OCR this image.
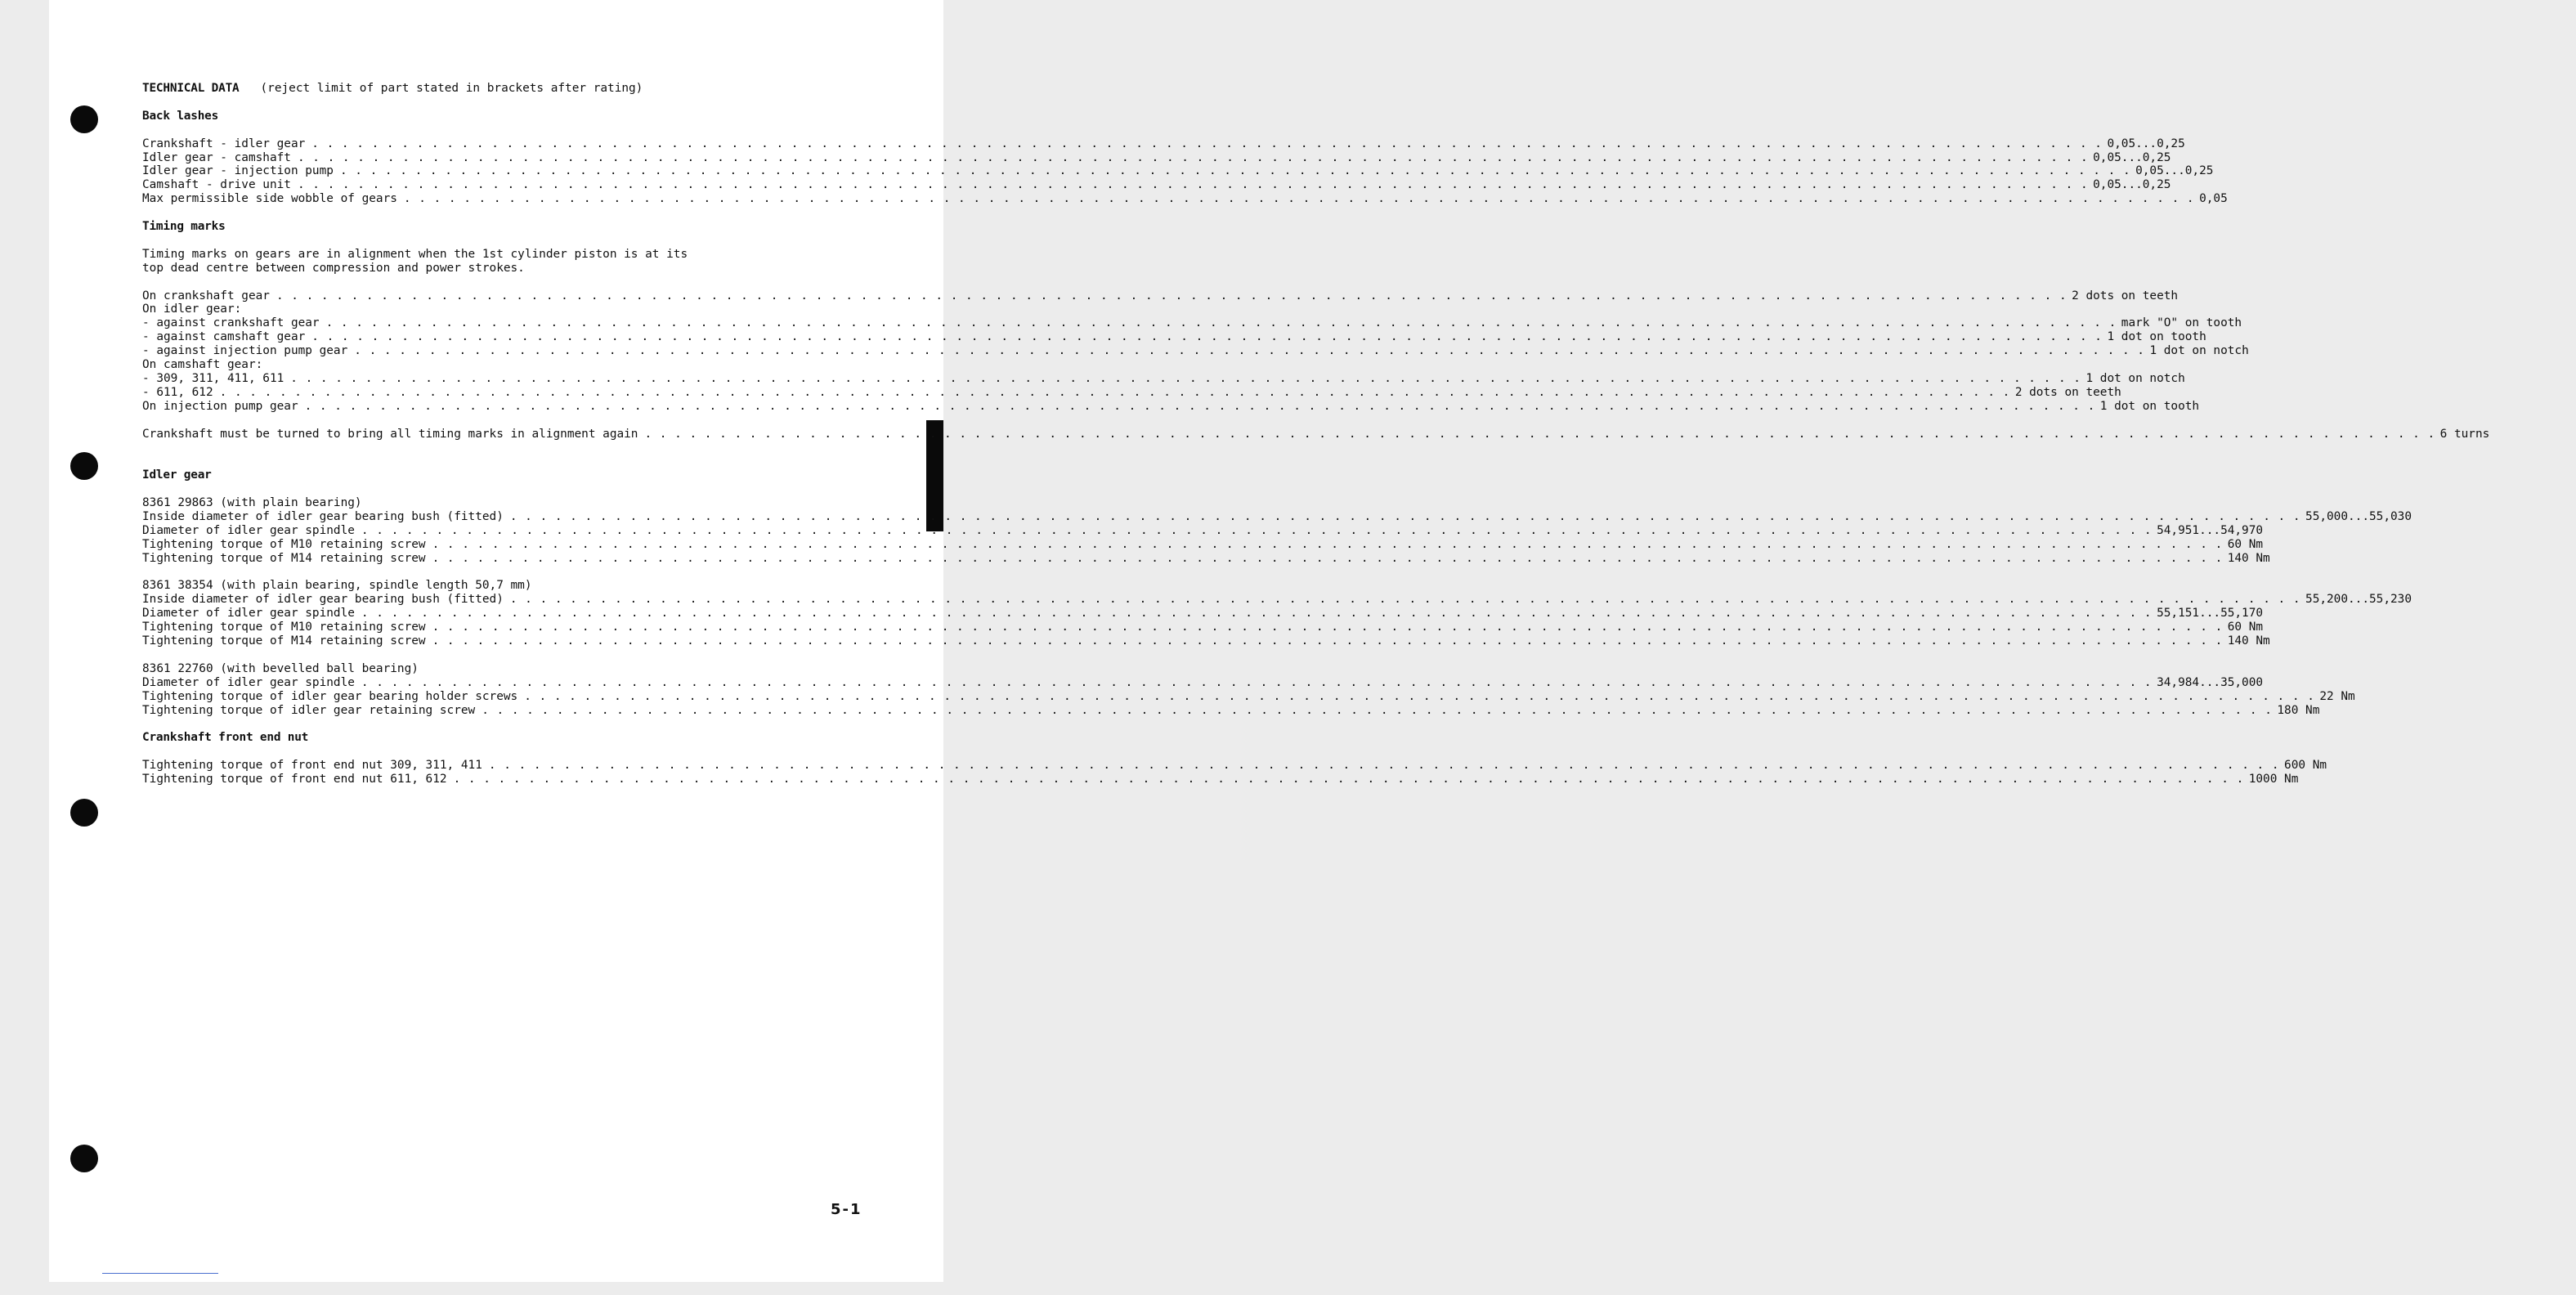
TECHNICAL DATA (reject limit of part stated in brackets after rating)
Back lashes
Crankshaft - idler gear . . . . . . . . . . . . . . . . . . . . . . . . . . . . . . . . . . . . . . . . . . . . . . . . . . . . . . . . . . . . . . . . . . . . . . . . . . . . . . . . . . . . . . . . . . . . . . . . . . . . . . . . . . . . . . . . . . . . . . . . 0,05...0,25
Idler gear - camshaft . . . . . . . . . . . . . . . . . . . . . . . . . . . . . . . . . . . . . . . . . . . . . . . . . . . . . . . . . . . . . . . . . . . . . . . . . . . . . . . . . . . . . . . . . . . . . . . . . . . . . . . . . . . . . . . . . . . . . . . . 0,05...0,25
Idler gear - injection pump . . . . . . . . . . . . . . . . . . . . . . . . . . . . . . . . . . . . . . . . . . . . . . . . . . . . . . . . . . . . . . . . . . . . . . . . . . . . . . . . . . . . . . . . . . . . . . . . . . . . . . . . . . . . . . . . . . . . . . . . 0,05...0,25
Camshaft - drive unit . . . . . . . . . . . . . . . . . . . . . . . . . . . . . . . . . . . . . . . . . . . . . . . . . . . . . . . . . . . . . . . . . . . . . . . . . . . . . . . . . . . . . . . . . . . . . . . . . . . . . . . . . . . . . . . . . . . . . . . . 0,05...0,25
Max permissible side wobble of gears . . . . . . . . . . . . . . . . . . . . . . . . . . . . . . . . . . . . . . . . . . . . . . . . . . . . . . . . . . . . . . . . . . . . . . . . . . . . . . . . . . . . . . . . . . . . . . . . . . . . . . . . . . . . . . . . . . . . . . . . 0,05
Timing marks
Timing marks on gears are in alignment when the 1st cylinder piston is at its
top dead centre between compression and power strokes.
On crankshaft gear . . . . . . . . . . . . . . . . . . . . . . . . . . . . . . . . . . . . . . . . . . . . . . . . . . . . . . . . . . . . . . . . . . . . . . . . . . . . . . . . . . . . . . . . . . . . . . . . . . . . . . . . . . . . . . . . . . . . . . . . 2 dots on teeth
On idler gear:
- against crankshaft gear . . . . . . . . . . . . . . . . . . . . . . . . . . . . . . . . . . . . . . . . . . . . . . . . . . . . . . . . . . . . . . . . . . . . . . . . . . . . . . . . . . . . . . . . . . . . . . . . . . . . . . . . . . . . . . . . . . . . . . . . mark "O" on tooth
- against camshaft gear . . . . . . . . . . . . . . . . . . . . . . . . . . . . . . . . . . . . . . . . . . . . . . . . . . . . . . . . . . . . . . . . . . . . . . . . . . . . . . . . . . . . . . . . . . . . . . . . . . . . . . . . . . . . . . . . . . . . . . . . 1 dot on tooth
- against injection pump gear . . . . . . . . . . . . . . . . . . . . . . . . . . . . . . . . . . . . . . . . . . . . . . . . . . . . . . . . . . . . . . . . . . . . . . . . . . . . . . . . . . . . . . . . . . . . . . . . . . . . . . . . . . . . . . . . . . . . . . . . 1 dot on notch
On camshaft gear:
- 309, 311, 411, 611 . . . . . . . . . . . . . . . . . . . . . . . . . . . . . . . . . . . . . . . . . . . . . . . . . . . . . . . . . . . . . . . . . . . . . . . . . . . . . . . . . . . . . . . . . . . . . . . . . . . . . . . . . . . . . . . . . . . . . . . . 1 dot on notch
- 611, 612 . . . . . . . . . . . . . . . . . . . . . . . . . . . . . . . . . . . . . . . . . . . . . . . . . . . . . . . . . . . . . . . . . . . . . . . . . . . . . . . . . . . . . . . . . . . . . . . . . . . . . . . . . . . . . . . . . . . . . . . . 2 dots on teeth
On injection pump gear . . . . . . . . . . . . . . . . . . . . . . . . . . . . . . . . . . . . . . . . . . . . . . . . . . . . . . . . . . . . . . . . . . . . . . . . . . . . . . . . . . . . . . . . . . . . . . . . . . . . . . . . . . . . . . . . . . . . . . . . 1 dot on tooth
Crankshaft must be turned to bring all timing marks in alignment again . . . . . . . . . . . . . . . . . . . . . . . . . . . . . . . . . . . . . . . . . . . . . . . . . . . . . . . . . . . . . . . . . . . . . . . . . . . . . . . . . . . . . . . . . . . . . . . . . . . . . . . . . . . . . . . . . . . . . . . . 6 turns
Idler gear
8361 29863 (with plain bearing)
Inside diameter of idler gear bearing bush (fitted) . . . . . . . . . . . . . . . . . . . . . . . . . . . . . . . . . . . . . . . . . . . . . . . . . . . . . . . . . . . . . . . . . . . . . . . . . . . . . . . . . . . . . . . . . . . . . . . . . . . . . . . . . . . . . . . . . . . . . . . . 55,000...55,030
Diameter of idler gear spindle . . . . . . . . . . . . . . . . . . . . . . . . . . . . . . . . . . . . . . . . . . . . . . . . . . . . . . . . . . . . . . . . . . . . . . . . . . . . . . . . . . . . . . . . . . . . . . . . . . . . . . . . . . . . . . . . . . . . . . . . 54,951...54,970
Tightening torque of M10 retaining screw . . . . . . . . . . . . . . . . . . . . . . . . . . . . . . . . . . . . . . . . . . . . . . . . . . . . . . . . . . . . . . . . . . . . . . . . . . . . . . . . . . . . . . . . . . . . . . . . . . . . . . . . . . . . . . . . . . . . . . . . 60 Nm
Tightening torque of M14 retaining screw . . . . . . . . . . . . . . . . . . . . . . . . . . . . . . . . . . . . . . . . . . . . . . . . . . . . . . . . . . . . . . . . . . . . . . . . . . . . . . . . . . . . . . . . . . . . . . . . . . . . . . . . . . . . . . . . . . . . . . . . 140 Nm
8361 38354 (with plain bearing, spindle length 50,7 mm)
Inside diameter of idler gear bearing bush (fitted) . . . . . . . . . . . . . . . . . . . . . . . . . . . . . . . . . . . . . . . . . . . . . . . . . . . . . . . . . . . . . . . . . . . . . . . . . . . . . . . . . . . . . . . . . . . . . . . . . . . . . . . . . . . . . . . . . . . . . . . . 55,200...55,230
Diameter of idler gear spindle . . . . . . . . . . . . . . . . . . . . . . . . . . . . . . . . . . . . . . . . . . . . . . . . . . . . . . . . . . . . . . . . . . . . . . . . . . . . . . . . . . . . . . . . . . . . . . . . . . . . . . . . . . . . . . . . . . . . . . . . 55,151...55,170
Tightening torque of M10 retaining screw . . . . . . . . . . . . . . . . . . . . . . . . . . . . . . . . . . . . . . . . . . . . . . . . . . . . . . . . . . . . . . . . . . . . . . . . . . . . . . . . . . . . . . . . . . . . . . . . . . . . . . . . . . . . . . . . . . . . . . . . 60 Nm
Tightening torque of M14 retaining screw . . . . . . . . . . . . . . . . . . . . . . . . . . . . . . . . . . . . . . . . . . . . . . . . . . . . . . . . . . . . . . . . . . . . . . . . . . . . . . . . . . . . . . . . . . . . . . . . . . . . . . . . . . . . . . . . . . . . . . . . 140 Nm
8361 22760 (with bevelled ball bearing)
Diameter of idler gear spindle . . . . . . . . . . . . . . . . . . . . . . . . . . . . . . . . . . . . . . . . . . . . . . . . . . . . . . . . . . . . . . . . . . . . . . . . . . . . . . . . . . . . . . . . . . . . . . . . . . . . . . . . . . . . . . . . . . . . . . . . 34,984...35,000
Tightening torque of idler gear bearing holder screws . . . . . . . . . . . . . . . . . . . . . . . . . . . . . . . . . . . . . . . . . . . . . . . . . . . . . . . . . . . . . . . . . . . . . . . . . . . . . . . . . . . . . . . . . . . . . . . . . . . . . . . . . . . . . . . . . . . . . . . . 22 Nm
Tightening torque of idler gear retaining screw . . . . . . . . . . . . . . . . . . . . . . . . . . . . . . . . . . . . . . . . . . . . . . . . . . . . . . . . . . . . . . . . . . . . . . . . . . . . . . . . . . . . . . . . . . . . . . . . . . . . . . . . . . . . . . . . . . . . . . . . 180 Nm
Crankshaft front end nut
Tightening torque of front end nut 309, 311, 411 . . . . . . . . . . . . . . . . . . . . . . . . . . . . . . . . . . . . . . . . . . . . . . . . . . . . . . . . . . . . . . . . . . . . . . . . . . . . . . . . . . . . . . . . . . . . . . . . . . . . . . . . . . . . . . . . . . . . . . . . 600 Nm
Tightening torque of front end nut 611, 612 . . . . . . . . . . . . . . . . . . . . . . . . . . . . . . . . . . . . . . . . . . . . . . . . . . . . . . . . . . . . . . . . . . . . . . . . . . . . . . . . . . . . . . . . . . . . . . . . . . . . . . . . . . . . . . . . . . . . . . . . 1000 Nm
5-1
